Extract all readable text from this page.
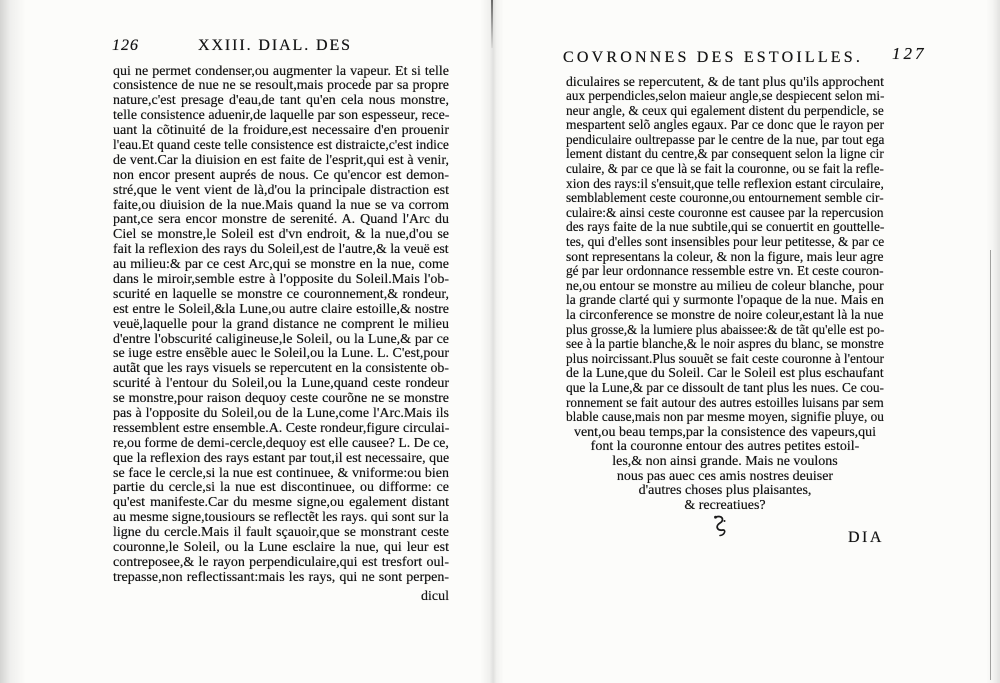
126	XXIII. DIAL. DES
qui ne permet condenser,ou augmenter la vapeur. Et si telle
consistence de nue ne se resoult,mais procede par sa propre
nature,c'est presage d'eau,de tant qu'en cela nous monstre,
telle consistence aduenir,de laquelle par son espesseur, rece-
uant la cõtinuité de la froidure,est necessaire d'en prouenir
l'eau.Et quand ceste telle consistence est distraicte,c'est indice
de vent.Car la diuision en est faite de l'esprit,qui est à venir,
non encor present auprés de nous. Ce qu'encor est demon-
stré,que le vent vient de là,d'ou la principale distraction est
faite,ou diuision de la nue.Mais quand la nue se va corrom
pant,ce sera encor monstre de serenité. A. Quand l'Arc du
Ciel se monstre,le Soleil est d'vn endroit, & la nue,d'ou se
fait la reflexion des rays du Soleil,est de l'autre,& la veuë est
au milieu:& par ce cest Arc,qui se monstre en la nue, come
dans le miroir,semble estre à l'opposite du Soleil.Mais l'ob-
scurité en laquelle se monstre ce couronnement,& rondeur,
est entre le Soleil,&la Lune,ou autre claire estoille,& nostre
veuë,laquelle pour la grand distance ne comprent le milieu
d'entre l'obscurité caligineuse,le Soleil, ou la Lune,& par ce
se iuge estre ensẽble auec le Soleil,ou la Lune. L. C'est,pour
autãt que les rays visuels se repercutent en la consistente ob-
scurité à l'entour du Soleil,ou la Lune,quand ceste rondeur
se monstre,pour raison dequoy ceste courõne ne se monstre
pas à l'opposite du Soleil,ou de la Lune,come l'Arc.Mais ils
ressemblent estre ensemble.A. Ceste rondeur,figure circulai-
re,ou forme de demi-cercle,dequoy est elle causee? L. De ce,
que la reflexion des rays estant par tout,il est necessaire, que
se face le cercle,si la nue est continuee, & vniforme:ou bien
partie du cercle,si la nue est discontinuee, ou difforme: ce
qu'est manifeste.Car du mesme signe,ou egalement distant
au mesme signe,tousiours se reflectẽt les rays. qui sont sur la
ligne du cercle.Mais il fault sçauoir,que se monstrant ceste
couronne,le Soleil, ou la Lune esclaire la nue, qui leur est
contreposee,& le rayon perpendiculaire,qui est tresfort oul-
trepasse,non reflectissant:mais les rays, qui ne sont perpen-
dicul
COVRONNES DES ESTOILLES. 127
diculaires se repercutent, & de tant plus qu'ils approchent
aux perpendicles,selon maieur angle,se despiecent selon mi-
neur angle, & ceux qui egalement distent du perpendicle, se
mespartent selõ angles egaux. Par ce donc que le rayon per
pendiculaire oultrepasse par le centre de la nue, par tout ega
lement distant du centre,& par consequent selon la ligne cir
culaire, & par ce que là se fait la couronne, ou se fait la refle-
xion des rays:il s'ensuit,que telle reflexion estant circulaire,
semblablement ceste couronne,ou entournement semble cir-
culaire:& ainsi ceste couronne est causee par la repercusion
des rays faite de la nue subtile,qui se conuertit en gouttelle-
tes, qui d'elles sont insensibles pour leur petitesse, & par ce
sont representans la coleur, & non la figure, mais leur agre
gé par leur ordonnance ressemble estre vn. Et ceste couron-
ne,ou entour se monstre au milieu de coleur blanche, pour
la grande clarté qui y surmonte l'opaque de la nue. Mais en
la circonference se monstre de noire coleur,estant là la nue
plus grosse,& la lumiere plus abaissee:& de tãt qu'elle est po-
see à la partie blanche,& le noir aspres du blanc, se monstre
plus noircissant.Plus souuẽt se fait ceste couronne à l'entour
de la Lune,que du Soleil. Car le Soleil est plus eschaufant
que la Lune,& par ce dissoult de tant plus les nues. Ce cou-
ronnement se fait autour des autres estoilles luisans par sem
blable cause,mais non par mesme moyen, signifie pluye, ou
vent,ou beau temps,par la consistence des vapeurs,qui
font la couronne entour des autres petites estoil-
les,& non ainsi grande. Mais ne voulons
nous pas auec ces amis nostres deuiser
d'autres choses plus plaisantes,
& recreatiues?
DIA
